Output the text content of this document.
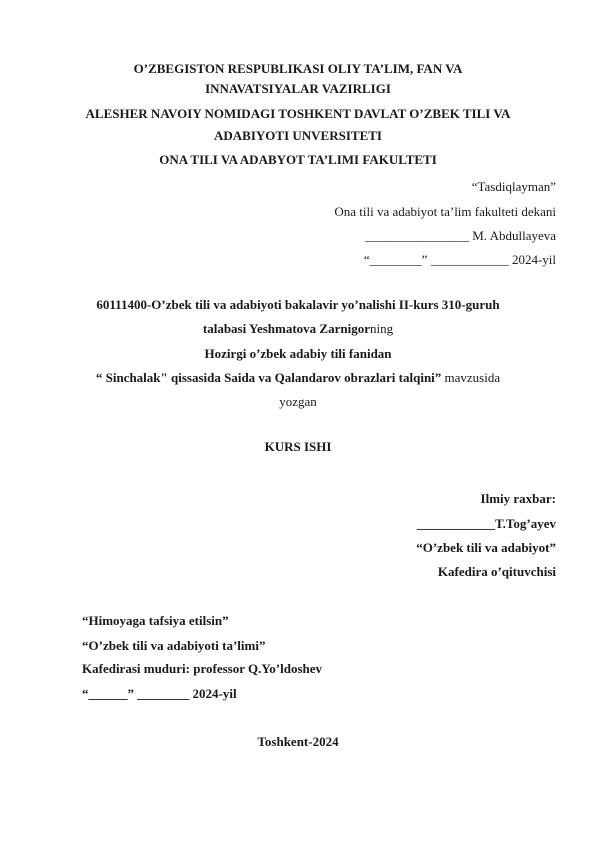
O’ZBEGISTON RESPUBLIKASI OLIY TA’LIM, FAN VA
INNAVATSIYALAR VAZIRLIGI
ALESHER NAVOIY NOMIDAGI TOSHKENT DAVLAT O’ZBEK TILI VA
ADABIYOTI UNVERSITETI
ONA TILI VA ADABYOT TA’LIMI FAKULTETI
“Tasdiqlayman”
Ona tili va adabiyot ta’lim fakulteti dekani
________________ M. Abdullayeva
“________” ____________ 2024-yil
60111400-O’zbek tili va adabiyoti bakalavir yo’nalishi II-kurs 310-guruh
talabasi Yeshmatova Zarnigorning
Hozirgi o’zbek adabiy tili fanidan
“ Sinchalak" qissasida Saida va Qalandarov obrazlari talqini” mavzusida
yozgan
KURS ISHI
Ilmiy raxbar:
____________T.Tog’ayev
“O’zbek tili va adabiyot”
Kafedira o’qituvchisi
“Himoyaga tafsiya etilsin”
“O’zbek tili va adabiyoti ta’limi”
Kafedirasi muduri: professor Q.Yo’ldoshev
“______” ________ 2024-yil
Toshkent-2024
